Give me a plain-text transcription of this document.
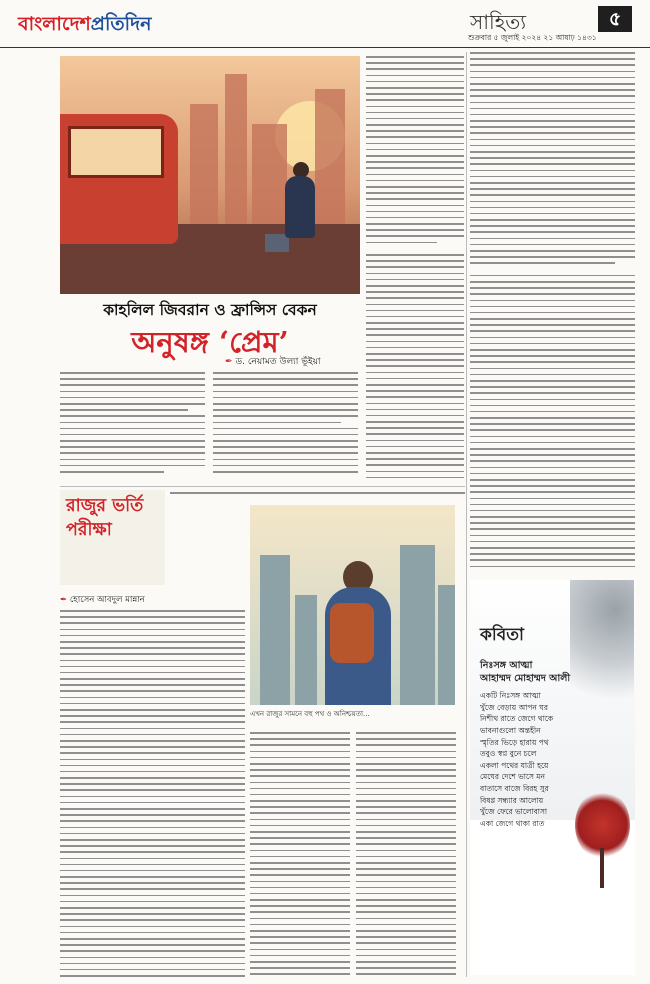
বাংলাদেশপ্রতিদিন	সাহিত্য	৫
শুক্রবার ৫ জুলাই ২০২৪ ২১ আষাঢ় ১৪৩১
কাহলিল জিবরান ও ফ্রান্সিস বেকন
অনুষঙ্গ ‘প্রেম’
✒ ড. নেয়ামত উল্যা ভূঁইয়া
রাজুর ভর্তি পরীক্ষা
✒ হোসেন আবদুল মান্নান
এখন রাজুর সামনে বহু পথ ও অনিশ্চয়তা...
কবিতা
নিঃসঙ্গ আত্মা
আহাম্মদ মোহাম্মদ আলী
একটি নিঃসঙ্গ আত্মা
খুঁজে বেড়ায় আপন ঘর
নিশীথ রাতে জেগে থাকে
ভাবনাগুলো অন্তহীন
স্মৃতির ভিড়ে হারায় পথ
তবুও স্বপ্ন বুনে চলে
একলা পথের যাত্রী হয়ে
মেঘের দেশে ভাসে মন
বাতাসে বাজে বিরহ সুর
বিষণ্ণ সন্ধ্যার আলোয়
খুঁজে ফেরে ভালোবাসা
একা জেগে থাকা রাত
